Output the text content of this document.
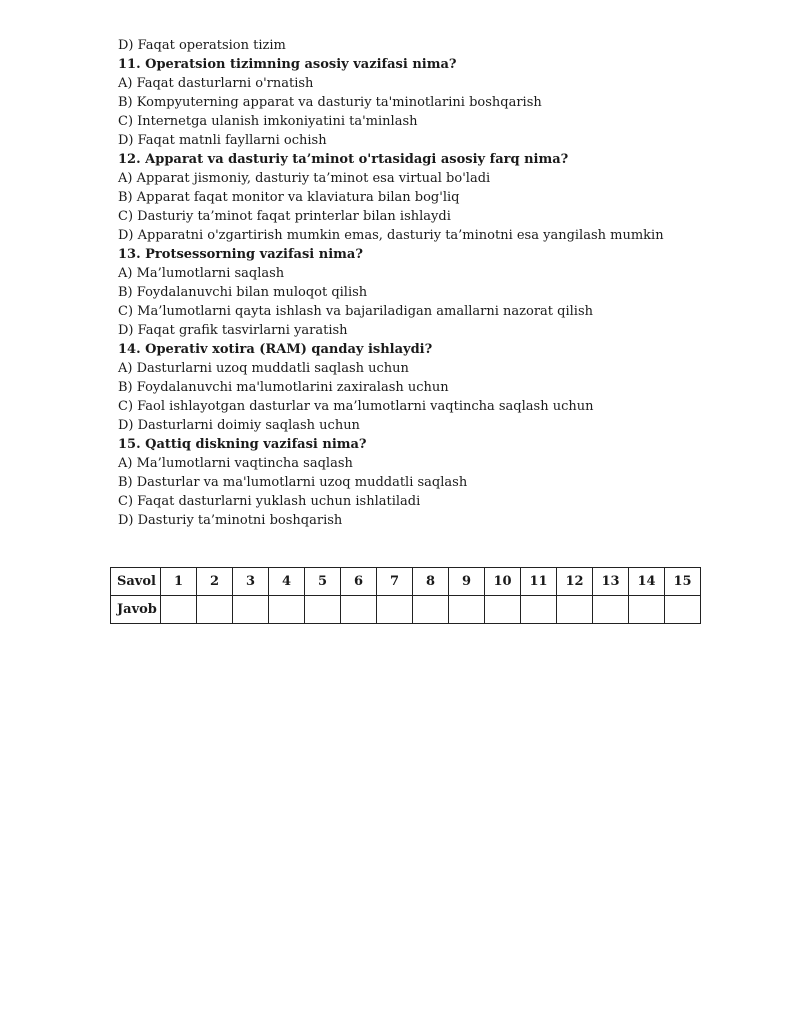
D) Faqat operatsion tizim
11. Operatsion tizimning asosiy vazifasi nima?
A) Faqat dasturlarni o'rnatish
B) Kompyuterning apparat va dasturiy ta'minotlarini boshqarish
C) Internetga ulanish imkoniyatini ta'minlash
D) Faqat matnli fayllarni ochish
12. Apparat va dasturiy ta’minot o'rtasidagi asosiy farq nima?
A) Apparat jismoniy, dasturiy ta’minot esa virtual bo'ladi
B) Apparat faqat monitor va klaviatura bilan bog'liq
C) Dasturiy ta’minot faqat printerlar bilan ishlaydi
D) Apparatni o'zgartirish mumkin emas, dasturiy ta’minotni esa yangilash mumkin
13. Protsessorning vazifasi nima?
A) Ma’lumotlarni saqlash
B) Foydalanuvchi bilan muloqot qilish
C) Ma’lumotlarni qayta ishlash va bajariladigan amallarni nazorat qilish
D) Faqat grafik tasvirlarni yaratish
14. Operativ xotira (RAM) qanday ishlaydi?
A) Dasturlarni uzoq muddatli saqlash uchun
B) Foydalanuvchi ma'lumotlarini zaxiralash uchun
C) Faol ishlayotgan dasturlar va ma’lumotlarni vaqtincha saqlash uchun
D) Dasturlarni doimiy saqlash uchun
15. Qattiq diskning vazifasi nima?
A) Ma’lumotlarni vaqtincha saqlash
B) Dasturlar va ma'lumotlarni uzoq muddatli saqlash
C) Faqat dasturlarni yuklash uchun ishlatiladi
D) Dasturiy ta’minotni boshqarish
Savol	1	2	3	4	5	6	7	8	9	10	11	12	13	14	15
Javob															
